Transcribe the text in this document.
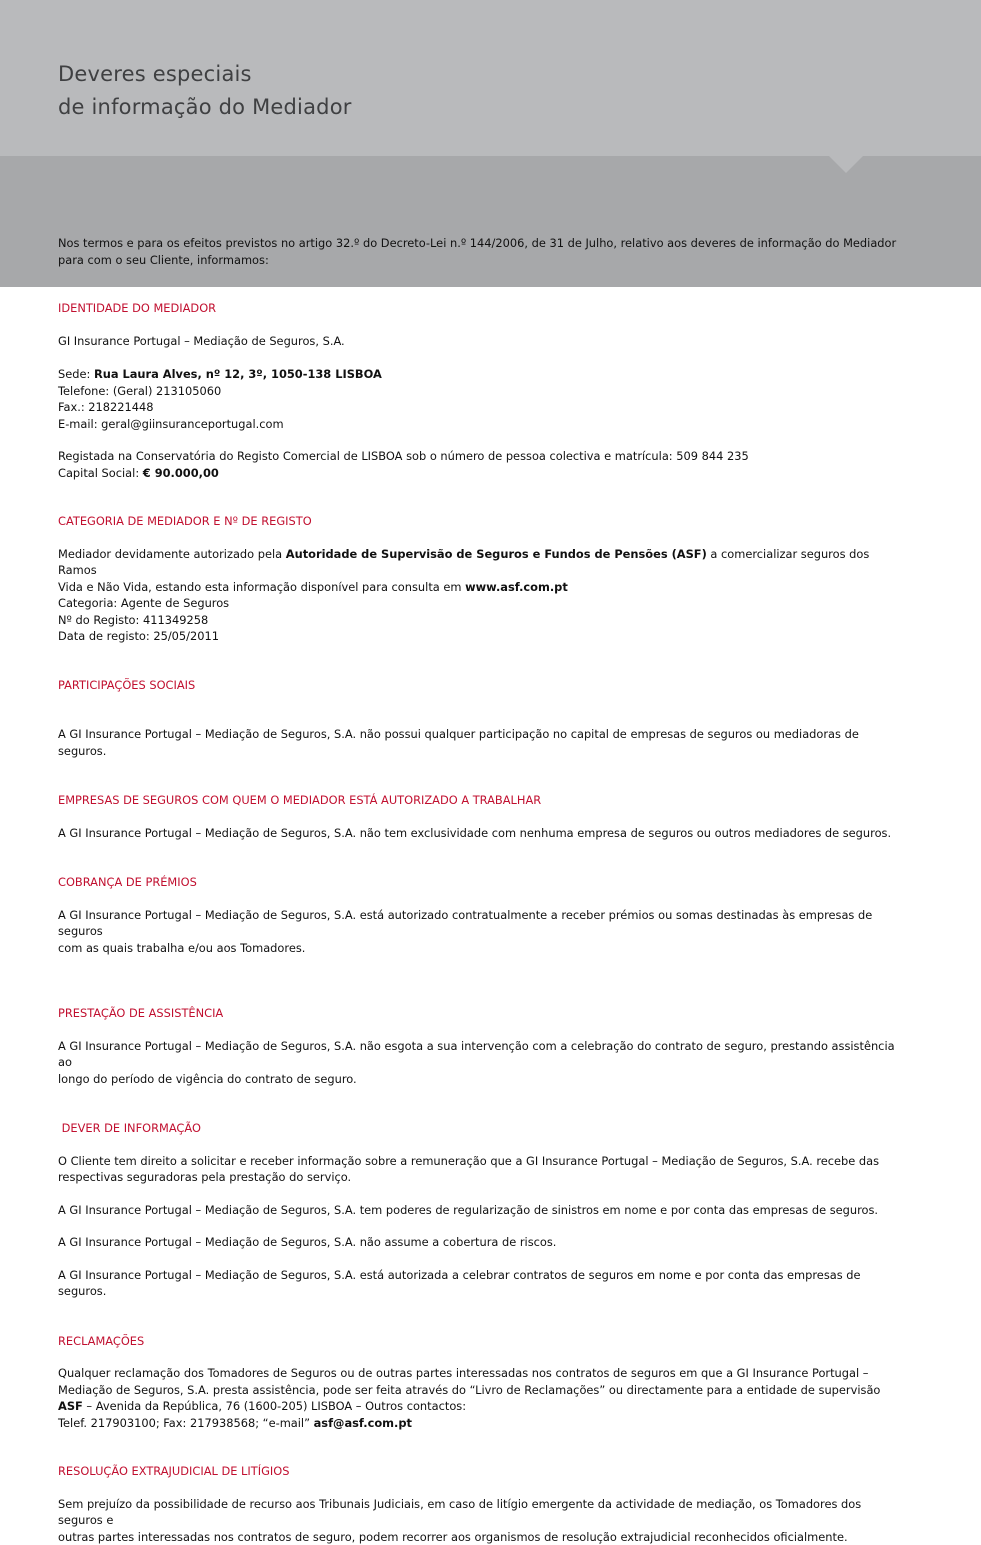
Deveres especiais
de informação do Mediador

Nos termos e para os efeitos previstos no artigo 32.º do Decreto-Lei n.º 144/2006, de 31 de Julho, relativo aos deveres de informação do Mediador
para com o seu Cliente, informamos:

IDENTIDADE DO MEDIADOR

GI Insurance Portugal – Mediação de Seguros, S.A.

Sede: Rua Laura Alves, nº 12, 3º, 1050-138 LISBOA

Telefone: (Geral) 213105060

Fax.: 218221448

E-mail: geral@giinsuranceportugal.com

Registada na Conservatória do Registo Comercial de LISBOA sob o número de pessoa colectiva e matrícula: 509 844 235

Capital Social: € 90.000,00

CATEGORIA DE MEDIADOR E Nº DE REGISTO

Mediador devidamente autorizado pela Autoridade de Supervisão de Seguros e Fundos de Pensões (ASF) a comercializar seguros dos Ramos

Vida e Não Vida, estando esta informação disponível para consulta em www.asf.com.pt

Categoria: Agente de Seguros

Nº do Registo: 411349258

Data de registo: 25/05/2011

PARTICIPAÇÕES SOCIAIS

A GI Insurance Portugal – Mediação de Seguros, S.A. não possui qualquer participação no capital de empresas de seguros ou mediadoras de seguros.

EMPRESAS DE SEGUROS COM QUEM O MEDIADOR ESTÁ AUTORIZADO A TRABALHAR

A GI Insurance Portugal – Mediação de Seguros, S.A. não tem exclusividade com nenhuma empresa de seguros ou outros mediadores de seguros.

COBRANÇA DE PRÉMIOS

A GI Insurance Portugal – Mediação de Seguros, S.A. está autorizado contratualmente a receber prémios ou somas destinadas às empresas de seguros
com as quais trabalha e/ou aos Tomadores.

PRESTAÇÃO DE ASSISTÊNCIA

A GI Insurance Portugal – Mediação de Seguros, S.A. não esgota a sua intervenção com a celebração do contrato de seguro, prestando assistência ao
longo do período de vigência do contrato de seguro.

DEVER DE INFORMAÇÃO

O Cliente tem direito a solicitar e receber informação sobre a remuneração que a GI Insurance Portugal – Mediação de Seguros, S.A. recebe das
respectivas seguradoras pela prestação do serviço.

A GI Insurance Portugal – Mediação de Seguros, S.A. tem poderes de regularização de sinistros em nome e por conta das empresas de seguros.

A GI Insurance Portugal – Mediação de Seguros, S.A. não assume a cobertura de riscos.

A GI Insurance Portugal – Mediação de Seguros, S.A. está autorizada a celebrar contratos de seguros em nome e por conta das empresas de seguros.

RECLAMAÇÕES

Qualquer reclamação dos Tomadores de Seguros ou de outras partes interessadas nos contratos de seguros em que a GI Insurance Portugal –
Mediação de Seguros, S.A. presta assistência, pode ser feita através do “Livro de Reclamações” ou directamente para a entidade de supervisão
ASF – Avenida da República, 76 (1600-205) LISBOA – Outros contactos:
Telef. 217903100; Fax: 217938568; “e-mail” asf@asf.com.pt

RESOLUÇÃO EXTRAJUDICIAL DE LITÍGIOS

Sem prejuízo da possibilidade de recurso aos Tribunais Judiciais, em caso de litígio emergente da actividade de mediação, os Tomadores dos seguros e
outras partes interessadas nos contratos de seguro, podem recorrer aos organismos de resolução extrajudicial reconhecidos oficialmente.
